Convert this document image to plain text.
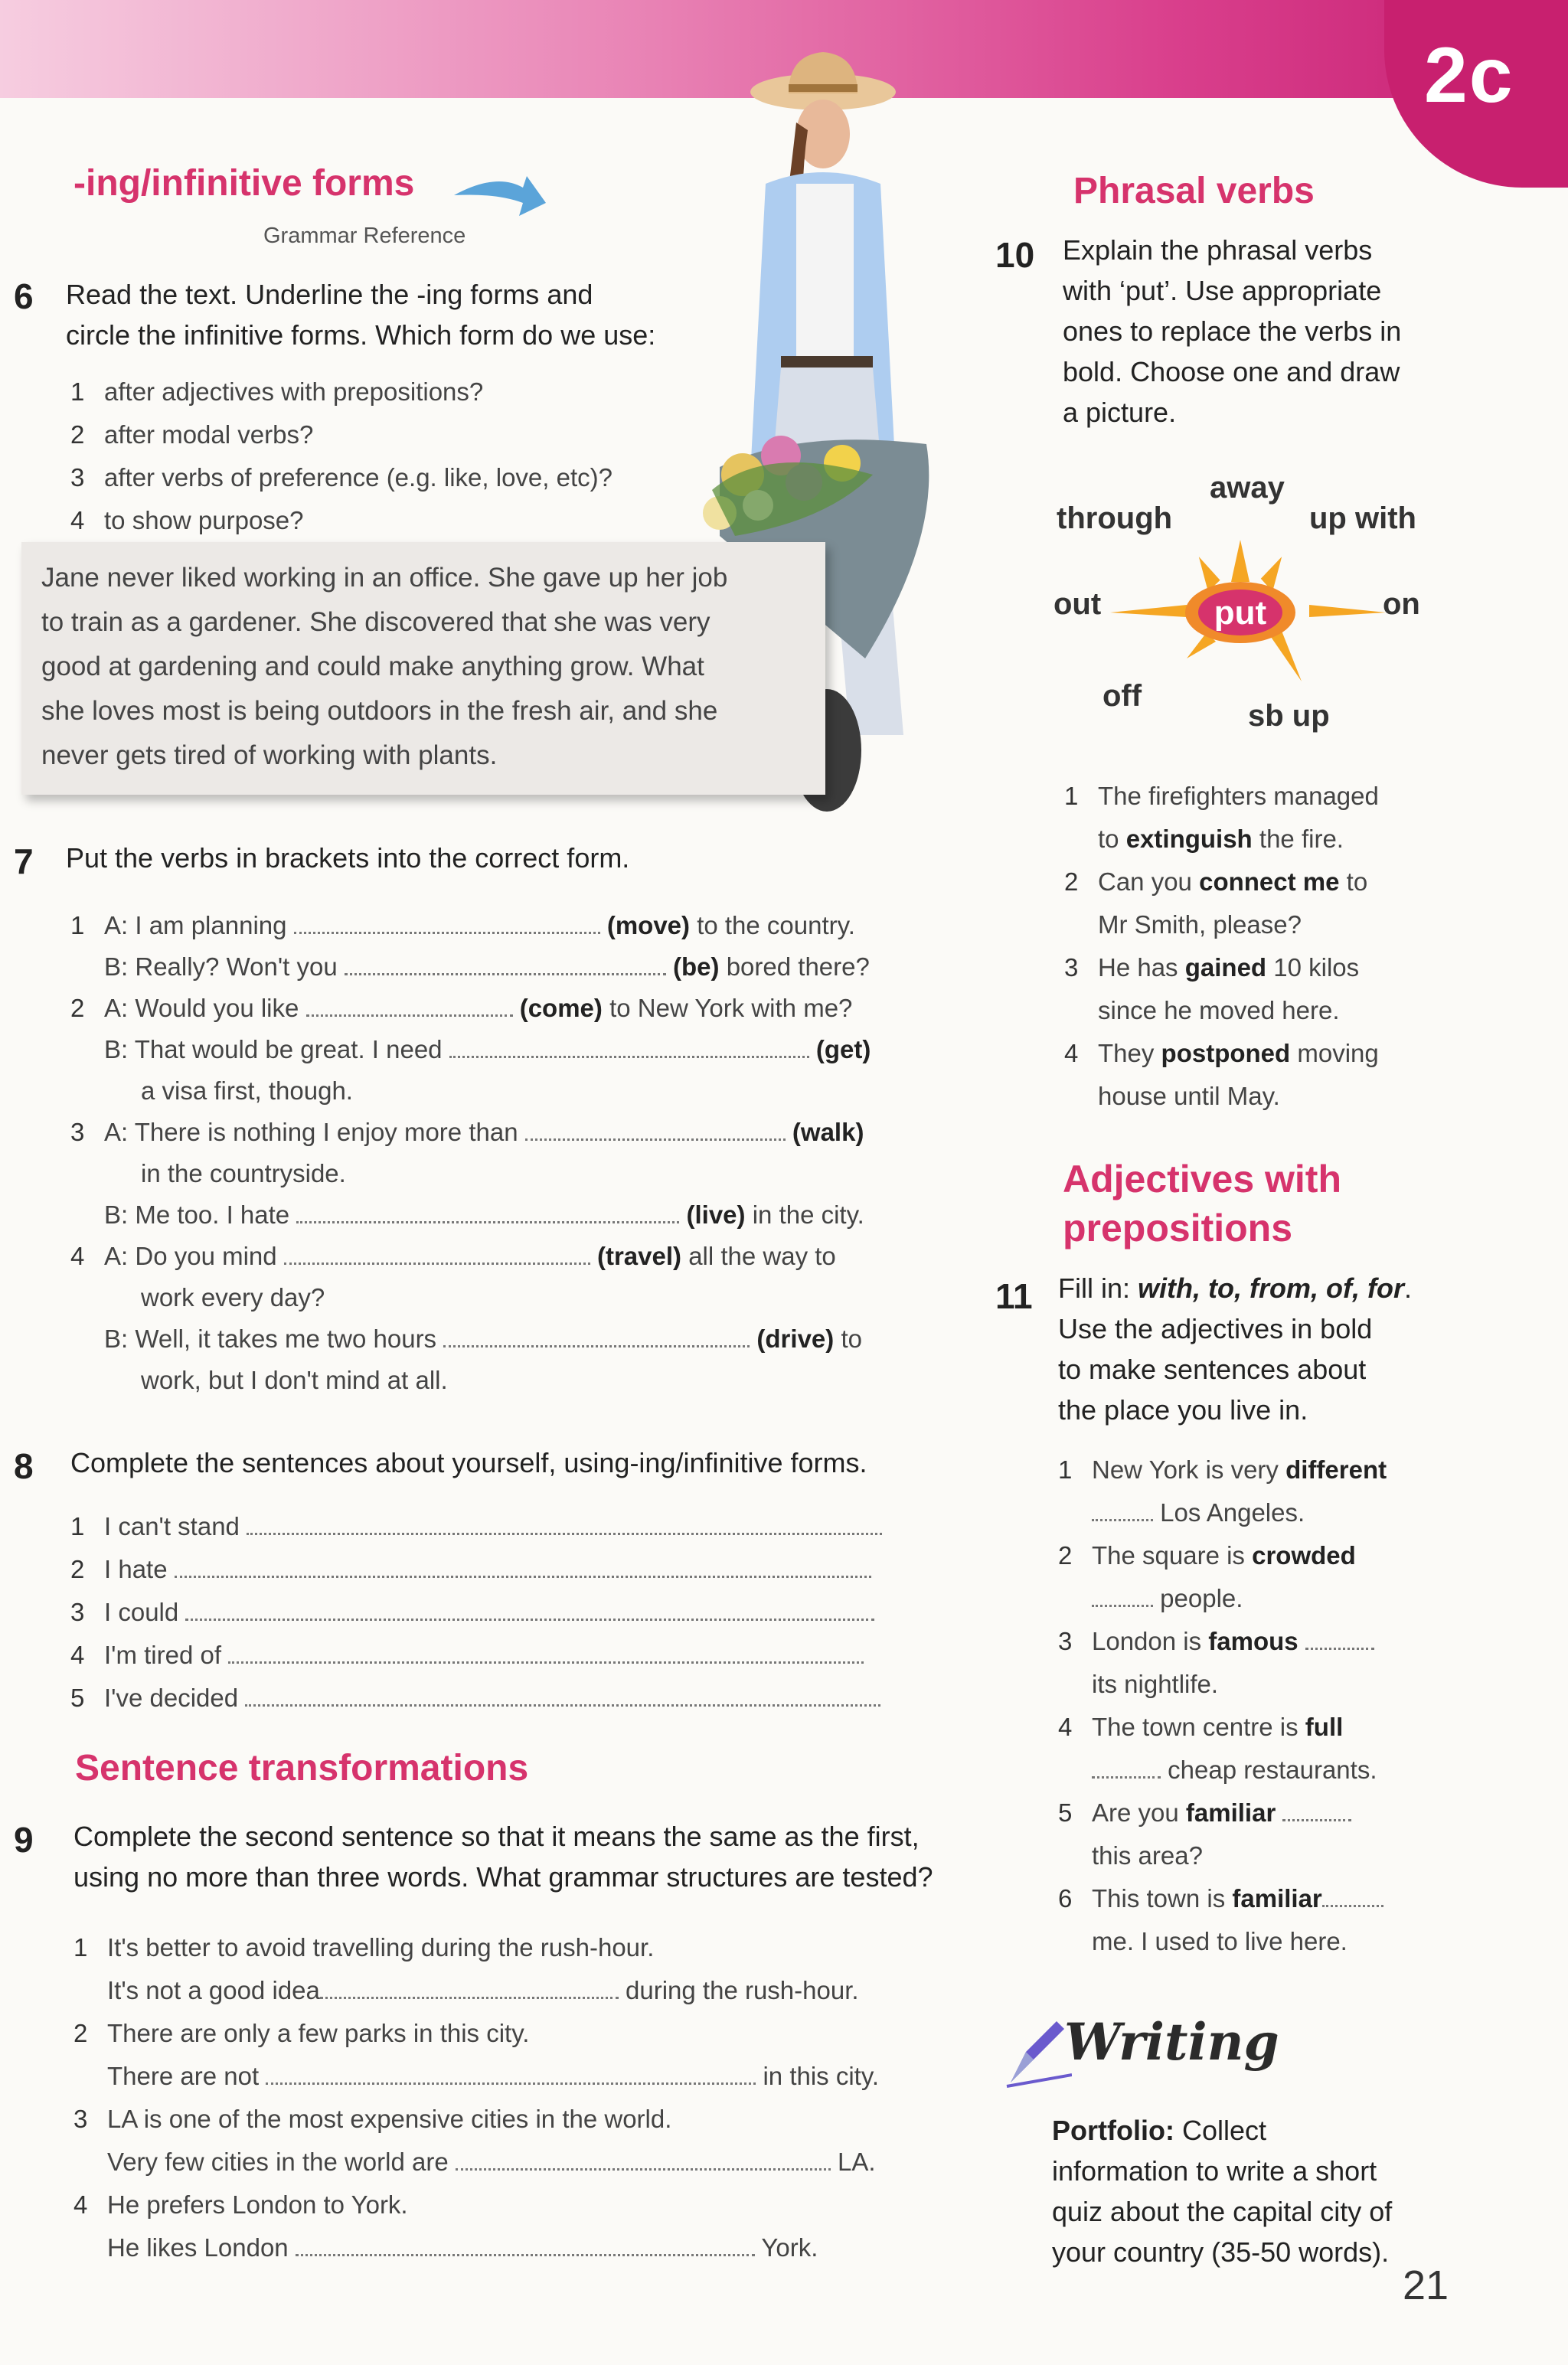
2c
-ing/infinitive forms
Grammar Reference
6 Read the text. Underline the -ing forms and
circle the infinitive forms. Which form do we use:
1 after adjectives with prepositions?
2 after modal verbs?
3 after verbs of preference (e.g. like, love, etc)?
4 to show purpose?
Jane never liked working in an office. She gave up her job
to train as a gardener. She discovered that she was very
good at gardening and could make anything grow. What
she loves most is being outdoors in the fresh air, and she
never gets tired of working with plants.
7 Put the verbs in brackets into the correct form.
1 A: I am planning	(move) to the country.
B: Really? Won't you	(be) bored there?
2 A: Would you like	(come) to New York with me?
B: That would be great. I need	(get)
a visa first, though.
3 A: There is nothing I enjoy more than	(walk)
in the countryside.
B: Me too. I hate	(live) in the city.
4 A: Do you mind	(travel) all the way to
work every day?
B: Well, it takes me two hours	(drive) to
work, but I don't mind at all.
8 Complete the sentences about yourself, using-ing/infinitive forms.
1 I can't stand
2 I hate
3 I could
4 I'm tired of
5 I've decided
Sentence transformations
9 Complete the second sentence so that it means the same as the first,
using no more than three words. What grammar structures are tested?
1 It's better to avoid travelling during the rush-hour.
It's not a good idea	during the rush-hour.
2 There are only a few parks in this city.
There are not	in this city.
3 LA is one of the most expensive cities in the world.
Very few cities in the world are	LA.
4 He prefers London to York.
He likes London	York.
Phrasal verbs
10 Explain the phrasal verbs
with ‘put’. Use appropriate
ones to replace the verbs in
bold. Choose one and draw
a picture.
put
through
away
up with
out	on
off
sb up
1 The firefighters managed
to extinguish the fire.
2 Can you connect me to
Mr Smith, please?
3 He has gained 10 kilos
since he moved here.
4 They postponed moving
house until May.
Adjectives with
prepositions
11 Fill in: with, to, from, of, for.
Use the adjectives in bold
to make sentences about
the place you live in.
1 New York is very different
Los Angeles.
2 The square is crowded
people.
3 London is famous
its nightlife.
4 The town centre is full
cheap restaurants.
5 Are you familiar
this area?
6 This town is familiar
me. I used to live here.
Writing
Portfolio: Collect
information to write a short
quiz about the capital city of
your country (35-50 words).
21
